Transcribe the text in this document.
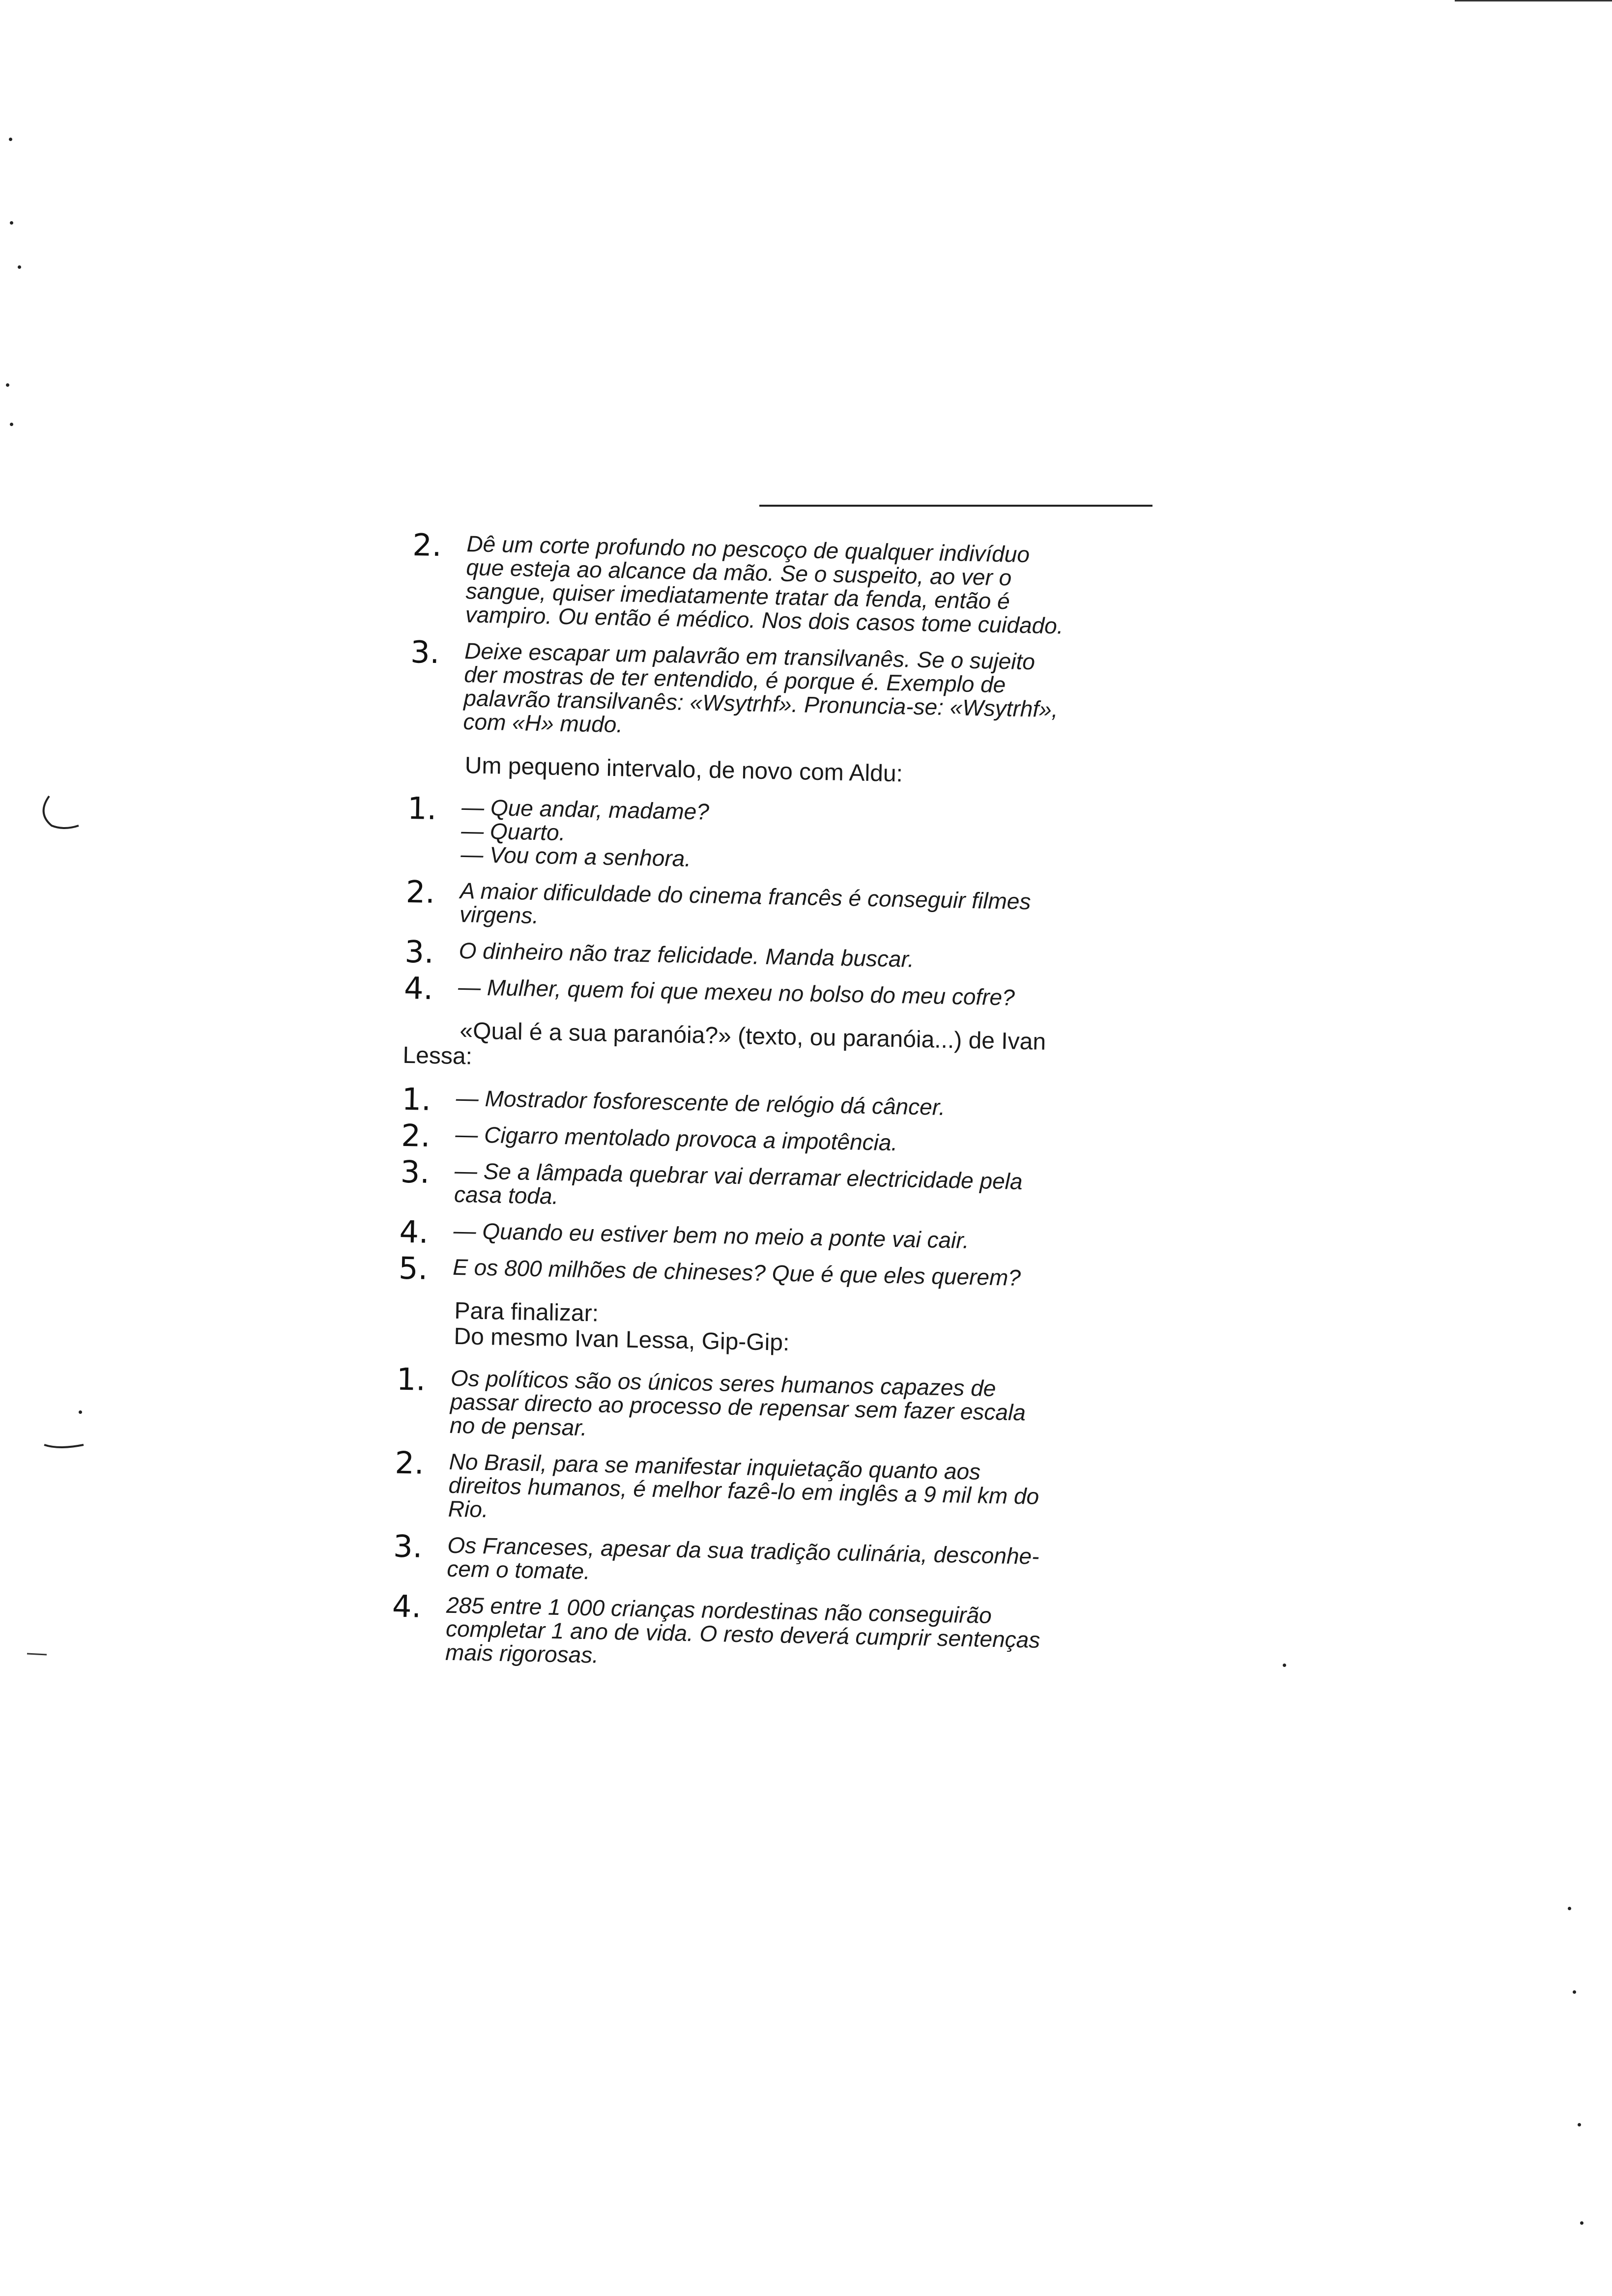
2. Dê um corte profundo no pescoço de qualquer indivíduo
que esteja ao alcance da mão. Se o suspeito, ao ver o
sangue, quiser imediatamente tratar da fenda, então é
vampiro. Ou então é médico. Nos dois casos tome cuidado.
3. Deixe escapar um palavrão em transilvanês. Se o sujeito
der mostras de ter entendido, é porque é. Exemplo de
palavrão transilvanês: «Wsytrhf». Pronuncia-se: «Wsytrhf»,
com «H» mudo.
Um pequeno intervalo, de novo com Aldu:
1. — Que andar, madame?
— Quarto.
— Vou com a senhora.
2. A maior dificuldade do cinema francês é conseguir filmes
virgens.
3. O dinheiro não traz felicidade. Manda buscar.
4. — Mulher, quem foi que mexeu no bolso do meu cofre?
«Qual é a sua paranóia?» (texto, ou paranóia...) de Ivan
Lessa:
1. — Mostrador fosforescente de relógio dá câncer.
2. — Cigarro mentolado provoca a impotência.
3. — Se a lâmpada quebrar vai derramar electricidade pela
casa toda.
4. — Quando eu estiver bem no meio a ponte vai cair.
5. E os 800 milhões de chineses? Que é que eles querem?
Para finalizar:
Do mesmo Ivan Lessa, Gip-Gip:
1. Os políticos são os únicos seres humanos capazes de
passar directo ao processo de repensar sem fazer escala
no de pensar.
2. No Brasil, para se manifestar inquietação quanto aos
direitos humanos, é melhor fazê-lo em inglês a 9 mil km do
Rio.
3. Os Franceses, apesar da sua tradição culinária, desconhe-
cem o tomate.
4. 285 entre 1 000 crianças nordestinas não conseguirão
completar 1 ano de vida. O resto deverá cumprir sentenças
mais rigorosas.
